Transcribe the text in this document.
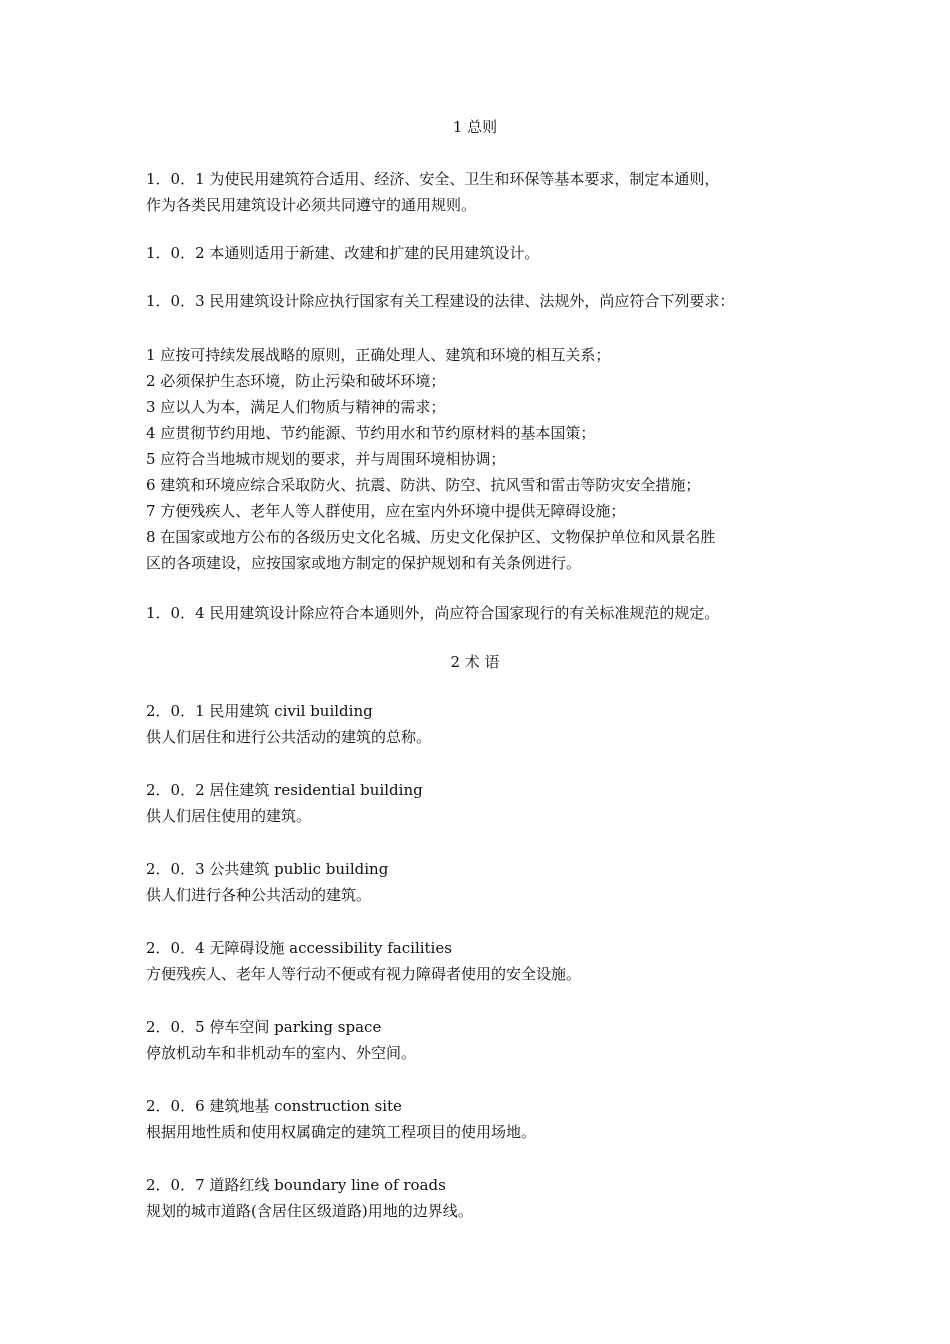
1 总则
1．0．1 为使民用建筑符合适用、经济、安全、卫生和环保等基本要求，制定本通则，
作为各类民用建筑设计必须共同遵守的通用规则。
1．0．2 本通则适用于新建、改建和扩建的民用建筑设计。
1．0．3 民用建筑设计除应执行国家有关工程建设的法律、法规外，尚应符合下列要求：
1 应按可持续发展战略的原则，正确处理人、建筑和环境的相互关系；
2 必须保护生态环境，防止污染和破坏环境；
3 应以人为本，满足人们物质与精神的需求；
4 应贯彻节约用地、节约能源、节约用水和节约原材料的基本国策；
5 应符合当地城市规划的要求，并与周围环境相协调；
6 建筑和环境应综合采取防火、抗震、防洪、防空、抗风雪和雷击等防灾安全措施；
7 方便残疾人、老年人等人群使用，应在室内外环境中提供无障碍设施；
8 在国家或地方公布的各级历史文化名城、历史文化保护区、文物保护单位和风景名胜
区的各项建设，应按国家或地方制定的保护规划和有关条例进行。
1．0．4 民用建筑设计除应符合本通则外，尚应符合国家现行的有关标准规范的规定。
2 术 语
2．0．1 民用建筑 civil building
供人们居住和进行公共活动的建筑的总称。
2．0．2 居住建筑 residential building
供人们居住使用的建筑。
2．0．3 公共建筑 public building
供人们进行各种公共活动的建筑。
2．0．4 无障碍设施 accessibility facilities
方便残疾人、老年人等行动不便或有视力障碍者使用的安全设施。
2．0．5 停车空间 parking space
停放机动车和非机动车的室内、外空间。
2．0．6 建筑地基 construction site
根据用地性质和使用权属确定的建筑工程项目的使用场地。
2．0．7 道路红线 boundary line of roads
规划的城市道路(含居住区级道路)用地的边界线。
